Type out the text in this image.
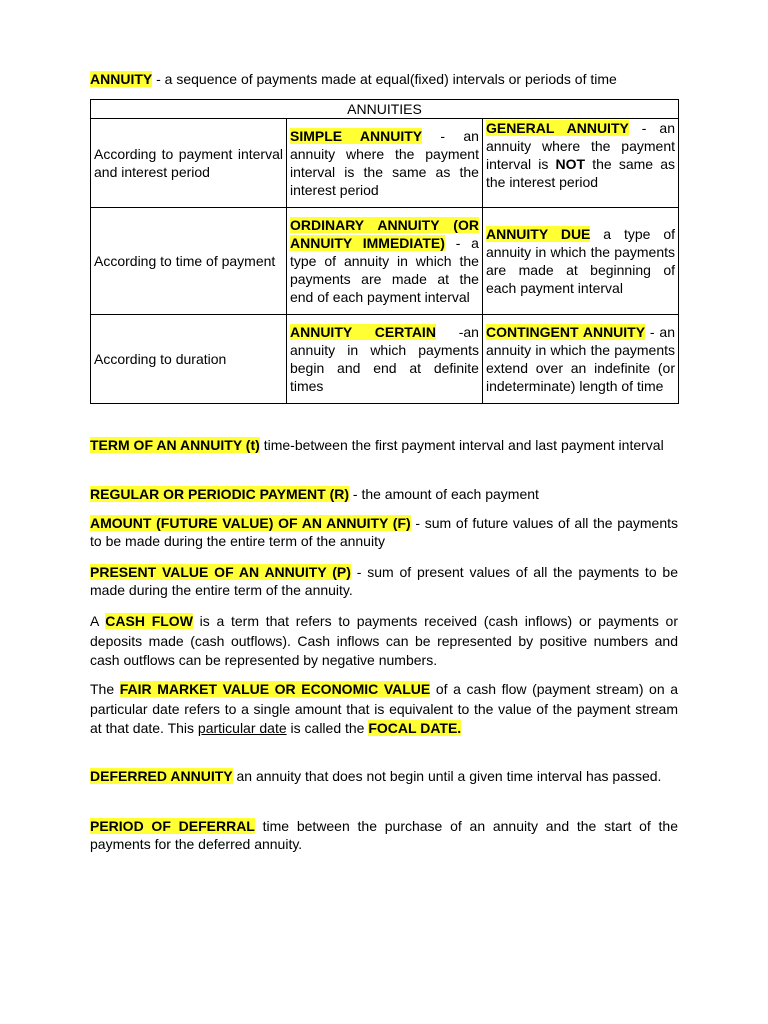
ANNUITY - a sequence of payments made at equal(fixed) intervals or periods of time

ANNUITIES		
According to payment interval and interest period	SIMPLE ANNUITY - an annuity where the payment interval is the same as the interest period	GENERAL ANNUITY - an annuity where the payment interval is NOT the same as the interest period
According to time of payment	ORDINARY ANNUITY (OR ANNUITY IMMEDIATE) - a type of annuity in which the payments are made at the end of each payment interval	ANNUITY DUE a type of annuity in which the payments are made at beginning of each payment interval
According to duration	ANNUITY CERTAIN -an annuity in which payments begin and end at definite times	CONTINGENT ANNUITY - an annuity in which the payments extend over an indefinite (or indeterminate) length of time

TERM OF AN ANNUITY (t) time-between the first payment interval and last payment interval

REGULAR OR PERIODIC PAYMENT (R) - the amount of each payment

AMOUNT (FUTURE VALUE) OF AN ANNUITY (F) - sum of future values of all the payments to be made during the entire term of the annuity

PRESENT VALUE OF AN ANNUITY (P) - sum of present values of all the payments to be made during the entire term of the annuity.

A CASH FLOW is a term that refers to payments received (cash inflows) or payments or deposits made (cash outflows). Cash inflows can be represented by positive numbers and cash outflows can be represented by negative numbers.

The FAIR MARKET VALUE OR ECONOMIC VALUE of a cash flow (payment stream) on a particular date refers to a single amount that is equivalent to the value of the payment stream at that date. This particular date is called the FOCAL DATE.

DEFERRED ANNUITY an annuity that does not begin until a given time interval has passed.

PERIOD OF DEFERRAL time between the purchase of an annuity and the start of the payments for the deferred annuity.
